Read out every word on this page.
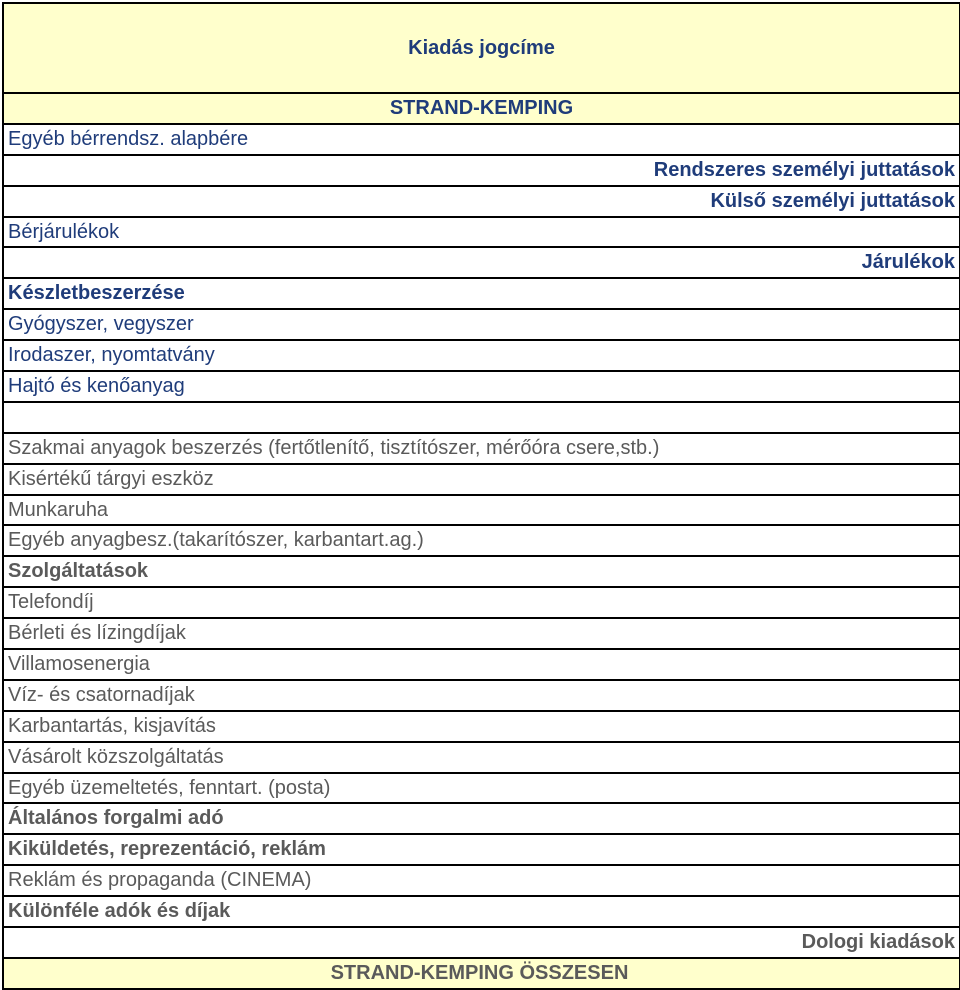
Kiadás jogcíme
STRAND-KEMPING
Egyéb bérrendsz. alapbére
Rendszeres személyi juttatások
Külső személyi juttatások
Bérjárulékok
Járulékok
Készletbeszerzése
Gyógyszer, vegyszer
Irodaszer, nyomtatvány
Hajtó és kenőanyag
Szakmai anyagok beszerzés (fertőtlenítő, tisztítószer, mérőóra csere,stb.)
Kisértékű tárgyi eszköz
Munkaruha
Egyéb anyagbesz.(takarítószer, karbantart.ag.)
Szolgáltatások
Telefondíj
Bérleti és lízingdíjak
Villamosenergia
Víz- és csatornadíjak
Karbantartás, kisjavítás
Vásárolt közszolgáltatás
Egyéb üzemeltetés, fenntart. (posta)
Általános forgalmi adó
Kiküldetés, reprezentáció, reklám
Reklám és propaganda (CINEMA)
Különféle adók és díjak
Dologi kiadások
STRAND-KEMPING ÖSSZESEN
